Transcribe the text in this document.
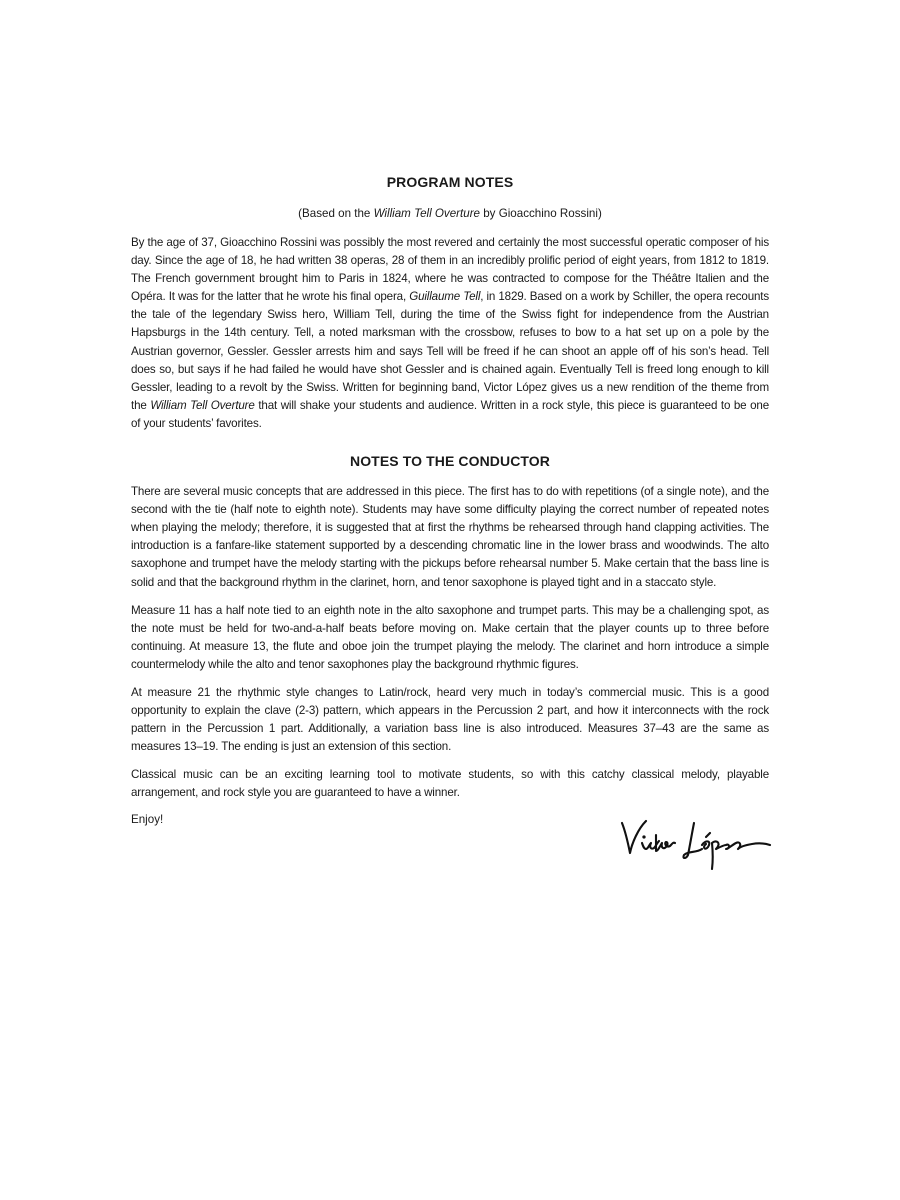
PROGRAM NOTES

(Based on the William Tell Overture by Gioacchino Rossini)

By the age of 37, Gioacchino Rossini was possibly the most revered and certainly the most successful operatic composer of his day. Since the age of 18, he had written 38 operas, 28 of them in an incredibly prolific period of eight years, from 1812 to 1819. The French government brought him to Paris in 1824, where he was contracted to compose for the Théâtre Italien and the Opéra. It was for the latter that he wrote his final opera, Guillaume Tell, in 1829. Based on a work by Schiller, the opera recounts the tale of the legendary Swiss hero, William Tell, during the time of the Swiss fight for independence from the Austrian Hapsburgs in the 14th century. Tell, a noted marksman with the crossbow, refuses to bow to a hat set up on a pole by the Austrian governor, Gessler. Gessler arrests him and says Tell will be freed if he can shoot an apple off of his son’s head. Tell does so, but says if he had failed he would have shot Gessler and is chained again. Eventually Tell is freed long enough to kill Gessler, leading to a revolt by the Swiss. Written for beginning band, Victor López gives us a new rendition of the theme from the William Tell Overture that will shake your students and audience. Written in a rock style, this piece is guaranteed to be one of your students’ favorites.

NOTES TO THE CONDUCTOR

There are several music concepts that are addressed in this piece. The first has to do with repetitions (of a single note), and the second with the tie (half note to eighth note). Students may have some difficulty playing the correct number of repeated notes when playing the melody; therefore, it is suggested that at first the rhythms be rehearsed through hand clapping activities. The introduction is a fanfare-like statement supported by a descending chromatic line in the lower brass and woodwinds. The alto saxophone and trumpet have the melody starting with the pickups before rehearsal number 5. Make certain that the bass line is solid and that the background rhythm in the clarinet, horn, and tenor saxophone is played tight and in a staccato style.

Measure 11 has a half note tied to an eighth note in the alto saxophone and trumpet parts. This may be a challenging spot, as the note must be held for two-and-a-half beats before moving on. Make certain that the player counts up to three before continuing. At measure 13, the flute and oboe join the trumpet playing the melody. The clarinet and horn introduce a simple countermelody while the alto and tenor saxophones play the background rhythmic figures.

At measure 21 the rhythmic style changes to Latin/rock, heard very much in today’s commercial music. This is a good opportunity to explain the clave (2-3) pattern, which appears in the Percussion 2 part, and how it interconnects with the rock pattern in the Percussion 1 part. Additionally, a variation bass line is also introduced. Measures 37–43 are the same as measures 13–19. The ending is just an extension of this section.

Classical music can be an exciting learning tool to motivate students, so with this catchy classical melody, playable arrangement, and rock style you are guaranteed to have a winner.

Enjoy!
